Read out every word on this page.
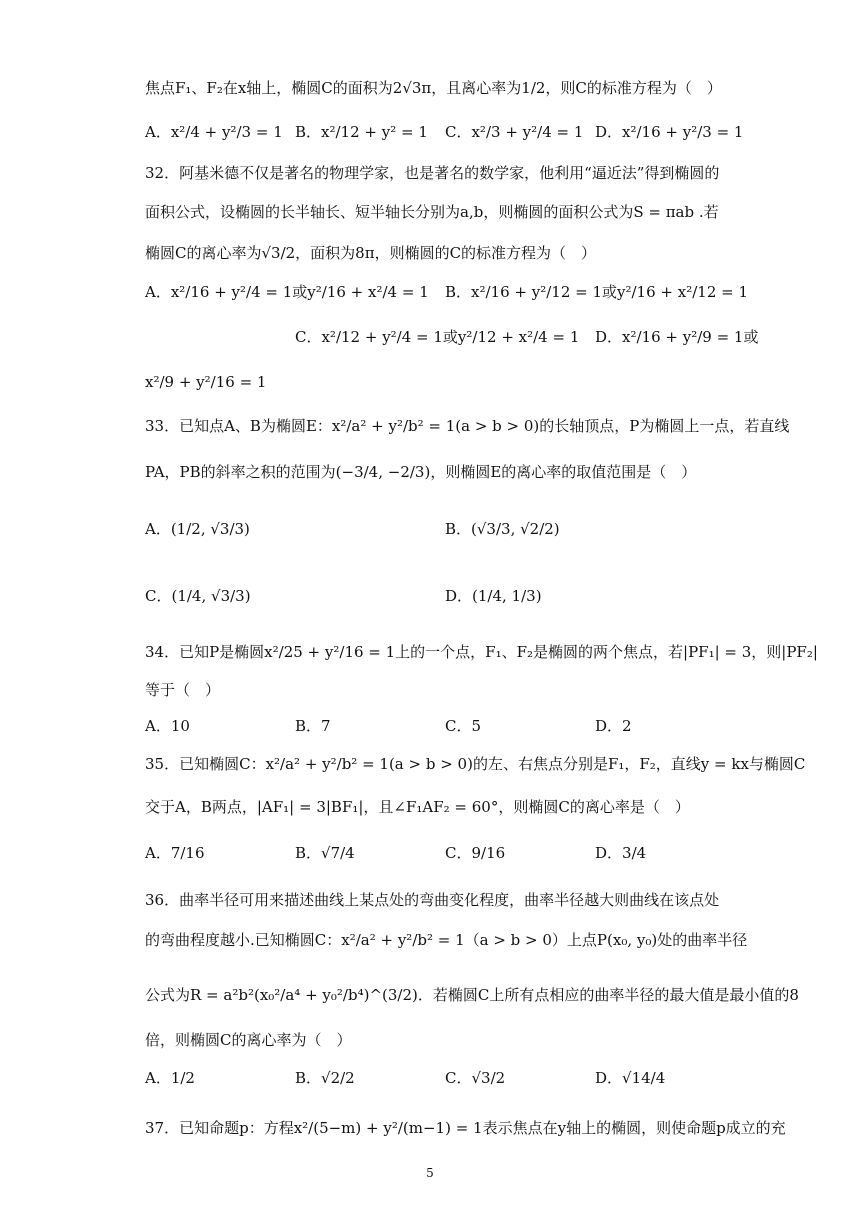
焦点F₁、F₂在x轴上，椭圆C的面积为2√3π，且离心率为1/2，则C的标准方程为（　）
A．x²/4 + y²/3 = 1 B．x²/12 + y² = 1 C．x²/3 + y²/4 = 1 D．x²/16 + y²/3 = 1
32．阿基米德不仅是著名的物理学家，也是著名的数学家，他利用“逼近法”得到椭圆的
面积公式，设椭圆的长半轴长、短半轴长分别为a,b，则椭圆的面积公式为S = πab .若
椭圆C的离心率为√3/2，面积为8π，则椭圆的C的标准方程为（　）
A．x²/16 + y²/4 = 1或y²/16 + x²/4 = 1 B．x²/16 + y²/12 = 1或y²/16 + x²/12 = 1
C．x²/12 + y²/4 = 1或y²/12 + x²/4 = 1 D．x²/16 + y²/9 = 1或
x²/9 + y²/16 = 1
33．已知点A、B为椭圆E：x²/a² + y²/b² = 1(a > b > 0)的长轴顶点，P为椭圆上一点，若直线
PA，PB的斜率之积的范围为(−3/4, −2/3)，则椭圆E的离心率的取值范围是（　）
A．(1/2, √3/3)	B．(√3/3, √2/2)
C．(1/4, √3/3)	D．(1/4, 1/3)
34．已知P是椭圆x²/25 + y²/16 = 1上的一个点，F₁、F₂是椭圆的两个焦点，若|PF₁| = 3，则|PF₂|
等于（　）
A．10	B．7	C．5	D．2
35．已知椭圆C：x²/a² + y²/b² = 1(a > b > 0)的左、右焦点分别是F₁，F₂，直线y = kx与椭圆C
交于A，B两点，|AF₁| = 3|BF₁|，且∠F₁AF₂ = 60°，则椭圆C的离心率是（　）
A．7/16	B．√7/4	C．9/16	D．3/4
36．曲率半径可用来描述曲线上某点处的弯曲变化程度，曲率半径越大则曲线在该点处
的弯曲程度越小.已知椭圆C：x²/a² + y²/b² = 1（a > b > 0）上点P(x₀, y₀)处的曲率半径
公式为R = a²b²(x₀²/a⁴ + y₀²/b⁴)^(3/2)．若椭圆C上所有点相应的曲率半径的最大值是最小值的8
倍，则椭圆C的离心率为（　）
A．1/2	B．√2/2	C．√3/2	D．√14/4
37．已知命题p：方程x²/(5−m) + y²/(m−1) = 1表示焦点在y轴上的椭圆，则使命题p成立的充
5
